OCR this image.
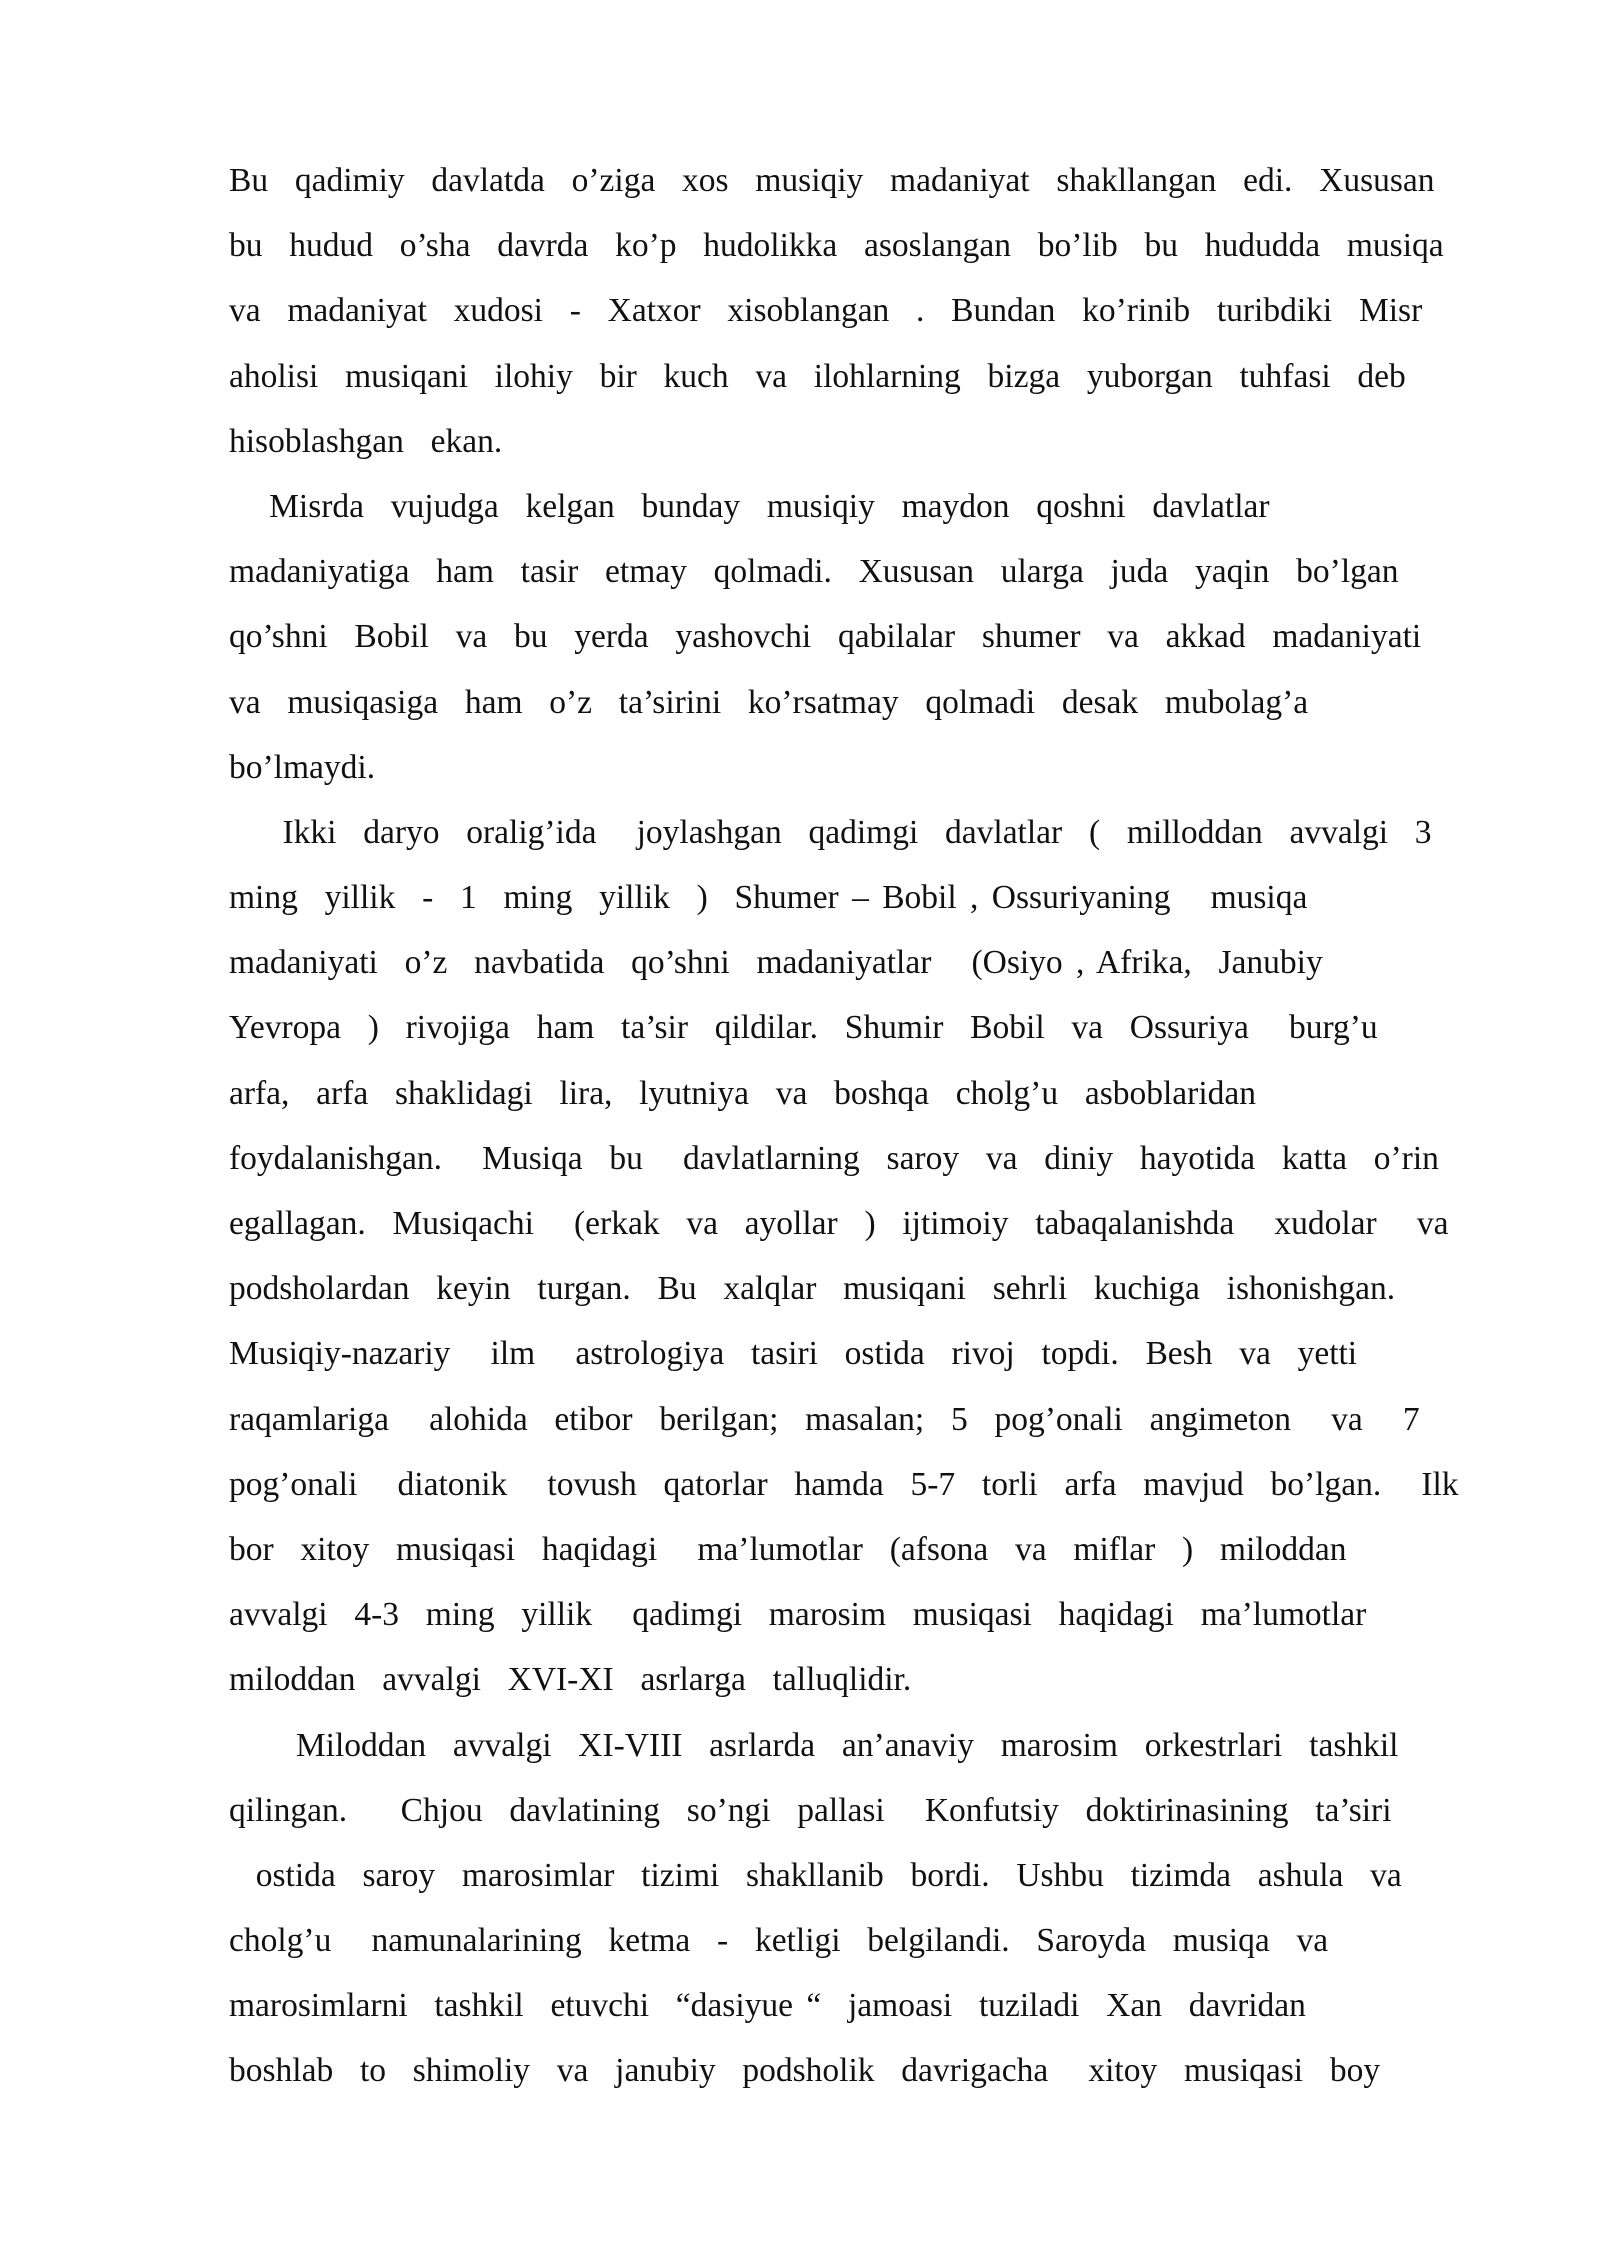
Bu  qadimiy  davlatda  o’ziga  xos  musiqiy  madaniyat  shakllangan  edi.  Xususan
bu  hudud  o’sha  davrda  ko’p  hudolikka  asoslangan  bo’lib  bu  hududda  musiqa
va  madaniyat  xudosi  -  Xatxor  xisoblangan  .  Bundan  ko’rinib  turibdiki  Misr
aholisi  musiqani  ilohiy  bir  kuch  va  ilohlarning  bizga  yuborgan  tuhfasi  deb
hisoblashgan  ekan.
Misrda  vujudga  kelgan  bunday  musiqiy  maydon  qoshni  davlatlar
madaniyatiga  ham  tasir  etmay  qolmadi.  Xususan  ularga  juda  yaqin  bo’lgan
qo’shni  Bobil  va  bu  yerda  yashovchi  qabilalar  shumer  va  akkad  madaniyati
va  musiqasiga  ham  o’z  ta’sirini  ko’rsatmay  qolmadi  desak  mubolag’a
bo’lmaydi.
Ikki  daryo  oralig’ida   joylashgan  qadimgi  davlatlar  (  milloddan  avvalgi  3
ming  yillik  -  1  ming  yillik  )  Shumer – Bobil , Ossuriyaning   musiqa
madaniyati  o’z  navbatida  qo’shni  madaniyatlar   (Osiyo , Afrika,  Janubiy
Yevropa  )  rivojiga  ham  ta’sir  qildilar.  Shumir  Bobil  va  Ossuriya   burg’u
arfa,  arfa  shaklidagi  lira,  lyutniya  va  boshqa  cholg’u  asboblaridan
foydalanishgan.   Musiqa  bu   davlatlarning  saroy  va  diniy  hayotida  katta  o’rin
egallagan.  Musiqachi   (erkak  va  ayollar  )  ijtimoiy  tabaqalanishda   xudolar   va
podsholardan  keyin  turgan.  Bu  xalqlar  musiqani  sehrli  kuchiga  ishonishgan.
Musiqiy-nazariy   ilm   astrologiya  tasiri  ostida  rivoj  topdi.  Besh  va  yetti
raqamlariga   alohida  etibor  berilgan;  masalan;  5  pog’onali  angimeton   va   7
pog’onali   diatonik   tovush  qatorlar  hamda  5-7  torli  arfa  mavjud  bo’lgan.   Ilk
bor  xitoy  musiqasi  haqidagi   ma’lumotlar  (afsona  va  miflar  )  miloddan
avvalgi  4-3  ming  yillik   qadimgi  marosim  musiqasi  haqidagi  ma’lumotlar
miloddan  avvalgi  XVI-XI  asrlarga  talluqlidir.
Miloddan  avvalgi  XI-VIII  asrlarda  an’anaviy  marosim  orkestrlari  tashkil
qilingan.    Chjou  davlatining  so’ngi  pallasi   Konfutsiy  doktirinasining  ta’siri
ostida  saroy  marosimlar  tizimi  shakllanib  bordi.  Ushbu  tizimda  ashula  va
cholg’u   namunalarining  ketma  -  ketligi  belgilandi.  Saroyda  musiqa  va
marosimlarni  tashkil  etuvchi  “dasiyue “  jamoasi  tuziladi  Xan  davridan
boshlab  to  shimoliy  va  janubiy  podsholik  davrigacha   xitoy  musiqasi  boy
